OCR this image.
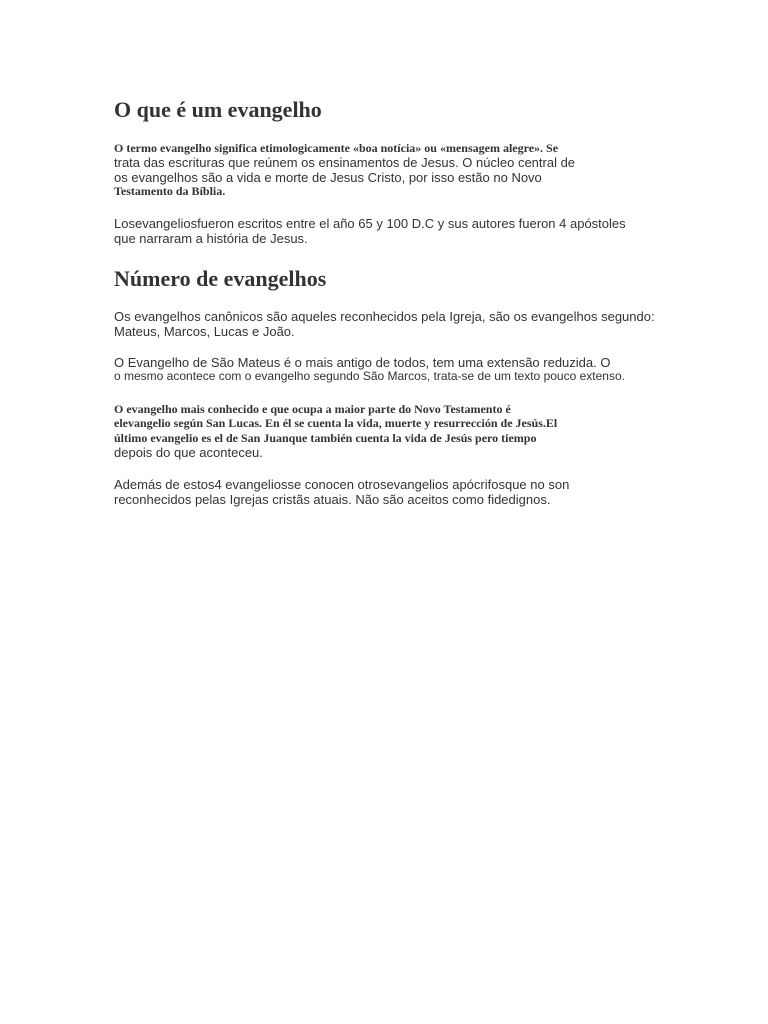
O que é um evangelho
O termo evangelho significa etimologicamente «boa notícia» ou «mensagem alegre». Se
trata das escrituras que reúnem os ensinamentos de Jesus. O núcleo central de
os evangelhos são a vida e morte de Jesus Cristo, por isso estão no Novo
Testamento da Bíblia.
Losevangeliosfueron escritos entre el año 65 y 100 D.C y sus autores fueron 4 apóstoles
que narraram a história de Jesus.
Número de evangelhos
Os evangelhos canônicos são aqueles reconhecidos pela Igreja, são os evangelhos segundo:
Mateus, Marcos, Lucas e João.
O Evangelho de São Mateus é o mais antigo de todos, tem uma extensão reduzida. O
o mesmo acontece com o evangelho segundo São Marcos, trata-se de um texto pouco extenso.
O evangelho mais conhecido e que ocupa a maior parte do Novo Testamento é
elevangelio según San Lucas. En él se cuenta la vida, muerte y resurrección de Jesús.El
último evangelio es el de San Juanque también cuenta la vida de Jesús pero tiempo
depois do que aconteceu.
Además de estos4 evangeliosse conocen otrosevangelios apócrifosque no son
reconhecidos pelas Igrejas cristãs atuais. Não são aceitos como fidedignos.
